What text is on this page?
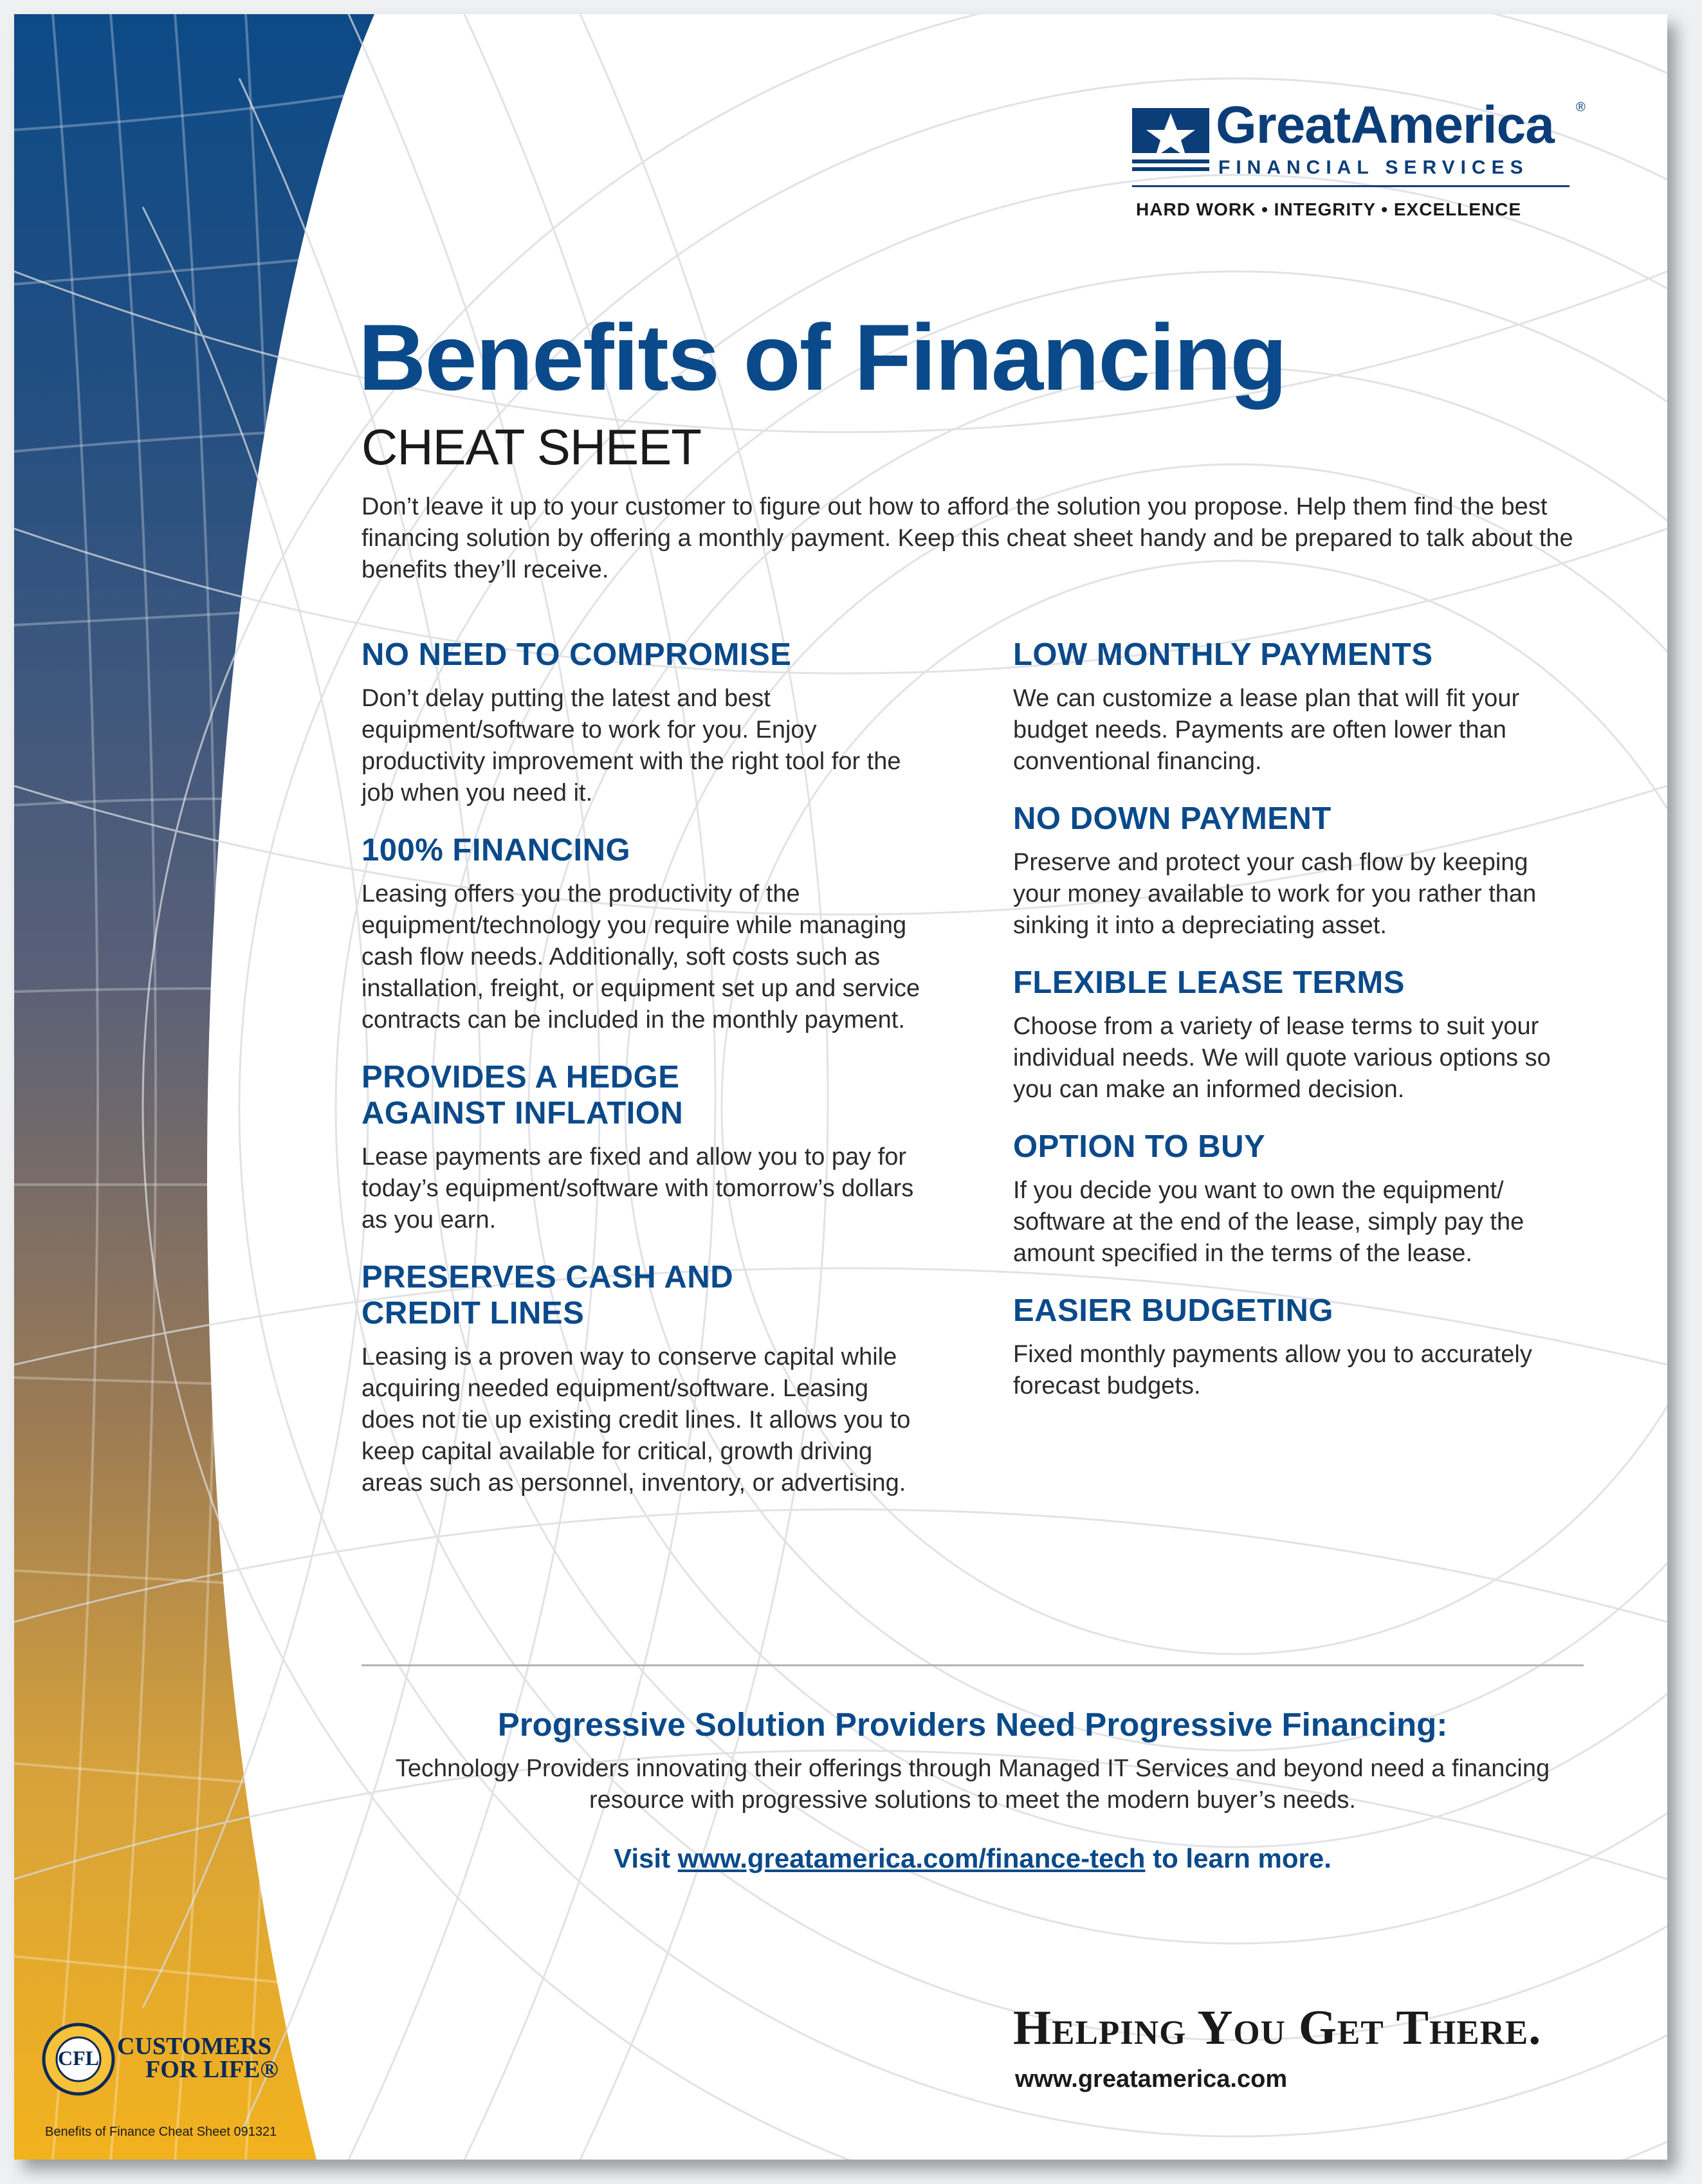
GreatAmerica ®
FINANCIAL SERVICES
HARD WORK • INTEGRITY • EXCELLENCE
Benefits of Financing
CHEAT SHEET
Don’t leave it up to your customer to figure out how to afford the solution you propose. Help them find the best financing solution by offering a monthly payment. Keep this cheat sheet handy and be prepared to talk about the benefits they’ll receive.
NO NEED TO COMPROMISE

Don’t delay putting the latest and best equipment/software to work for you. Enjoy productivity improvement with the right tool for the job when you need it.

100% FINANCING

Leasing offers you the productivity of the equipment/technology you require while managing cash flow needs. Additionally, soft costs such as installation, freight, or equipment set up and service contracts can be included in the monthly payment.

PROVIDES A HEDGE AGAINST INFLATION

Lease payments are fixed and allow you to pay for today’s equipment/software with tomorrow’s dollars as you earn.

PRESERVES CASH AND CREDIT LINES

Leasing is a proven way to conserve capital while acquiring needed equipment/software. Leasing does not tie up existing credit lines. It allows you to keep capital available for critical, growth driving areas such as personnel, inventory, or advertising.

LOW MONTHLY PAYMENTS

We can customize a lease plan that will fit your budget needs. Payments are often lower than conventional financing.

NO DOWN PAYMENT

Preserve and protect your cash flow by keeping your money available to work for you rather than sinking it into a depreciating asset.

FLEXIBLE LEASE TERMS

Choose from a variety of lease terms to suit your individual needs. We will quote various options so you can make an informed decision.

OPTION TO BUY

If you decide you want to own the equipment/ software at the end of the lease, simply pay the amount specified in the terms of the lease.

EASIER BUDGETING

Fixed monthly payments allow you to accurately forecast budgets.

Progressive Solution Providers Need Progressive Financing:
Technology Providers innovating their offerings through Managed IT Services and beyond need a financing resource with progressive solutions to meet the modern buyer’s needs.
Visit www.greatamerica.com/finance-tech to learn more.
Helping You Get There.
www.greatamerica.com
CFL CUSTOMERS
FOR LIFE®
Benefits of Finance Cheat Sheet 091321
